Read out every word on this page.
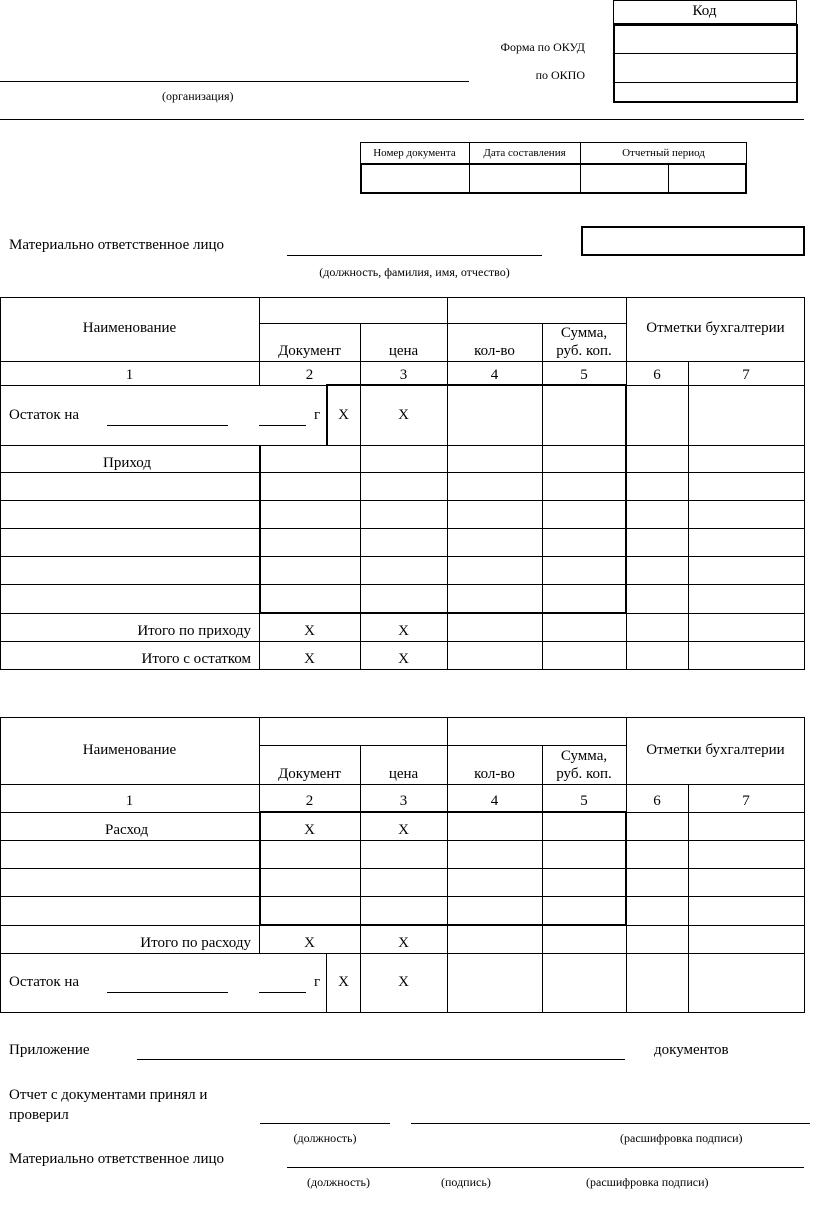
Код
Форма по ОКУД
по ОКПО
(организация)
Номер документа	Дата составления	Отчетный период
Материально ответственное лицо
(должность, фамилия, имя, отчество)
Наименование
Документ	цена	кол-во
Сумма,
руб. коп.
Отметки бухгалтерии
1	2	3	4	5	6	7
Остаток на	г	X	X
Приход
Итого по приходу	X	X
Итого с остатком	X	X
Наименование
Документ	цена	кол-во
Сумма,
руб. коп.
Отметки бухгалтерии
1	2	3	4	5	6	7
Расход	X	X
Итого по расходу	X	X
Остаток на	г	X	X
Приложение	документов
Отчет с документами принял и
проверил
(должность)	(расшифровка подписи)
Материально ответственное лицо
(должность)	(подпись)	(расшифровка подписи)
